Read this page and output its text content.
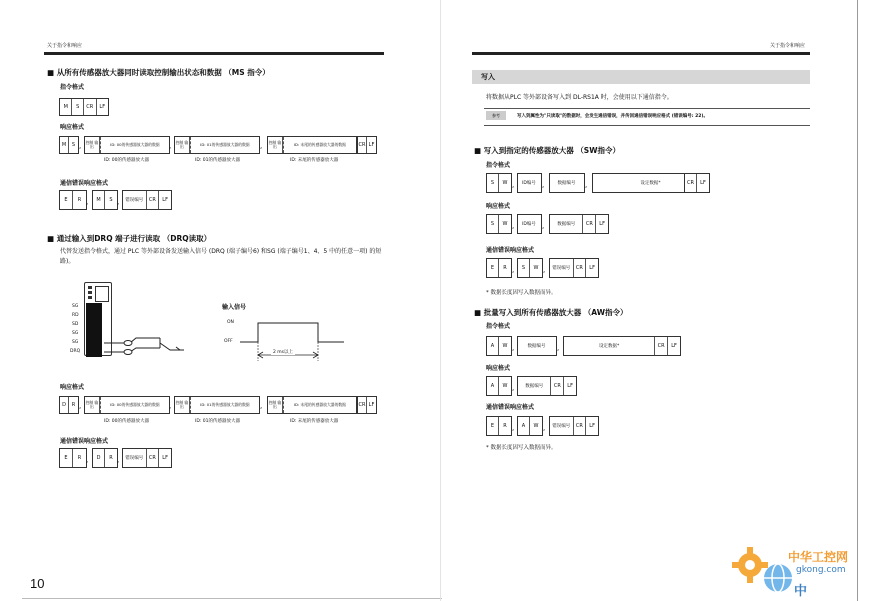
关于指令和响应
■ 从所有传感器放大器同时读取控制输出状态和数据 （MS 指令）
指令格式
M	S	CR	LF
响应格式
M	S , 控制 输出	ID: 00的传感器放大器的数据	, 控制 输出	ID: 01的传感器放大器的数据	, 控制 输出	ID: 末尾的传感器放大器的数据	CR LF
ID: 00的传感器放大器	ID: 01的传感器放大器	ID: 末尾的传感器放大器
通信错误响应格式
E	R ,	M	S ,	错误编号	CR	LF
■ 通过输入到DRQ 端子进行读取 （DRQ读取）
代替发送指令格式，通过 PLC 等外部设备发送输入信号 (DRQ (端子编号6) 和SG (端子编号1、4、5 中的任意一项) 的短路)。
SG
RD
SD
SG
SG
DRQ
输入信号
ON
OFF
2 ms以上
响应格式
D	R , 控制 输出	ID: 00的传感器放大器的数据	, 控制 输出	ID: 01的传感器放大器的数据	, 控制 输出	ID: 末尾的传感器放大器的数据	CR LF
ID: 00的传感器放大器	ID: 01的传感器放大器	ID: 末尾的传感器放大器
通信错误响应格式
E	R ,	D	R ,	错误编号	CR	LF
10
关于指令和响应
写入
将数据从PLC 等外部设备写入到 DL-RS1A 时，会使用以下通信指令。
参考	写入到属性为"只读取"的数据时，会发生通信错误，并传回通信错误响应格式 (错误编号: 22)。
■ 写入到指定的传感器放大器 （SW指令）
指令格式
S	W ,	ID编号 ,	数据编号	,	设定数据*	CR	LF
响应格式
S	W ,	ID编号 ,	数据编号	CR	LF
通信错误响应格式
E	R ,	S	W ,	错误编号	CR	LF
* 数据长度因写入数据而异。
■ 批量写入到所有传感器放大器 （AW指令）
指令格式
A	W ,	数据编号	,	设定数据*	CR	LF
响应格式
A	W ,	数据编号	CR	LF
通信错误响应格式
E	R ,	A	W ,	错误编号	CR	LF
* 数据长度因写入数据而异。
中华工控网
gkong.com
中
